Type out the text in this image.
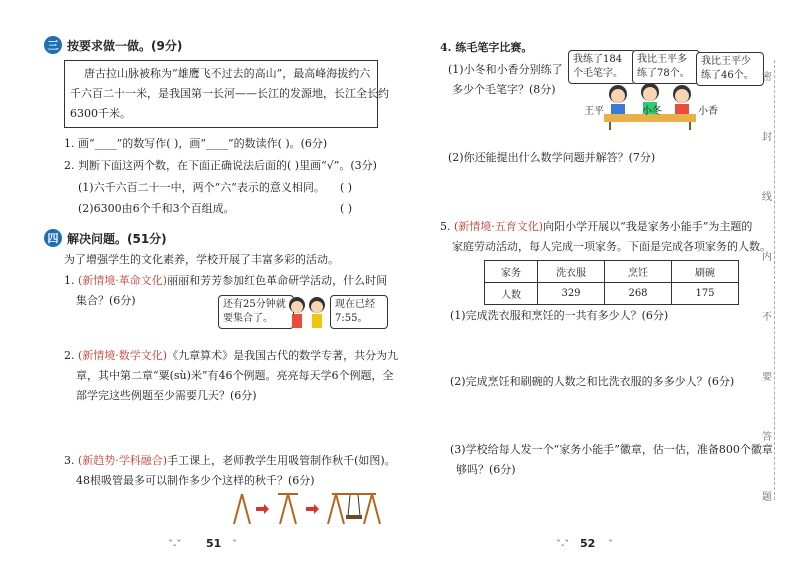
三 按要求做一做。(9分)
唐古拉山脉被称为“雄鹰飞不过去的高山”，最高峰海拔约六
千六百二十一米，是我国第一长河——长江的发源地，长江全长约
6300千米。
1. 画“____”的数写作( )，画“____”的数读作( )。(6分)
2. 判断下面这两个数，在下面正确说法后面的( )里画“√”。(3分)
(1)六千六百二十一中，两个“六”表示的意义相同。 ( )
(2)6300由6个千和3个百组成。	( )
四 解决问题。(51分)
为了增强学生的文化素养，学校开展了丰富多彩的活动。
1. (新情境·革命文化)丽丽和芳芳参加红色革命研学活动，什么时间
集合？(6分)	还有25分钟就要集合了。
现在已经7:55。
2. (新情境·数学文化)《九章算术》是我国古代的数学专著，共分为九
章，其中第二章“粟(sù)米”有46个例题。亮亮每天学6个例题，全
部学完这些例题至少需要几天？(6分)
3. (新趋势·学科融合)手工课上，老师教学生用吸管制作秋千(如图)。
48根吸管最多可以制作多少个这样的秋千？(6分)
ˇ-ˇ 51 ˇ
4. 练毛笔字比赛。
(1)小冬和小香分别练了
多少个毛笔字？(8分)
我练了184个毛笔字。
我比王平多练了78个。
我比王平少练了46个。
王平	小冬	小香
(2)你还能提出什么数学问题并解答？(7分)
5. (新情境·五育文化)向阳小学开展以“我是家务小能手”为主题的
家庭劳动活动，每人完成一项家务。下面是完成各项家务的人数。
家务	洗衣服	烹饪	刷碗
人数	329	268	175
(1)完成洗衣服和烹饪的一共有多少人？(6分)
(2)完成烹饪和刷碗的人数之和比洗衣服的多多少人？(6分)
(3)学校给每人发一个“家务小能手”徽章，估一估，准备800个徽章
够吗？(6分)
ˇ-ˇ 52 ˇ
密
封
线
内
不
要
答
题
